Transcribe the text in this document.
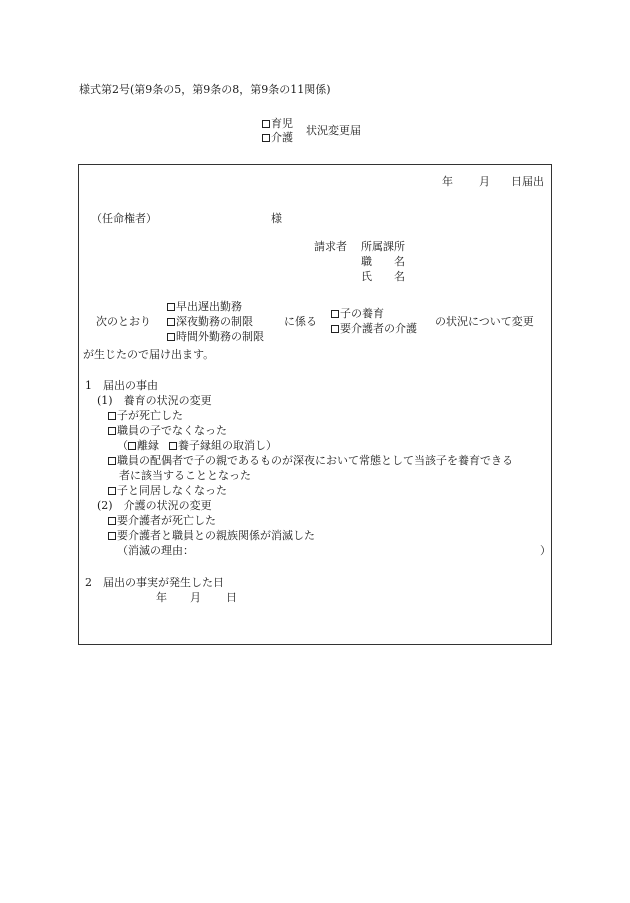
様式第2号(第9条の5，第9条の8，第9条の11関係)
育児
介護
状況変更届
年 月 日届出
（任命権者）	様
請求者 所属課所
職　　名
氏　　名
次のとおり
早出遅出勤務
深夜勤務の制限
時間外勤務の制限
に係る
子の養育
要介護者の介護
の状況について変更
が生じたので届け出ます。
1　届出の事由
(1)　養育の状況の変更
子が死亡した
職員の子でなくなった
（ 離縁 養子縁組の取消し）
職員の配偶者で子の親であるものが深夜において常態として当該子を養育できる
者に該当することとなった
子と同居しなくなった
(2)　介護の状況の変更
要介護者が死亡した
要介護者と職員との親族関係が消滅した
（消滅の理由：	）
2　届出の事実が発生した日
年 月 日
